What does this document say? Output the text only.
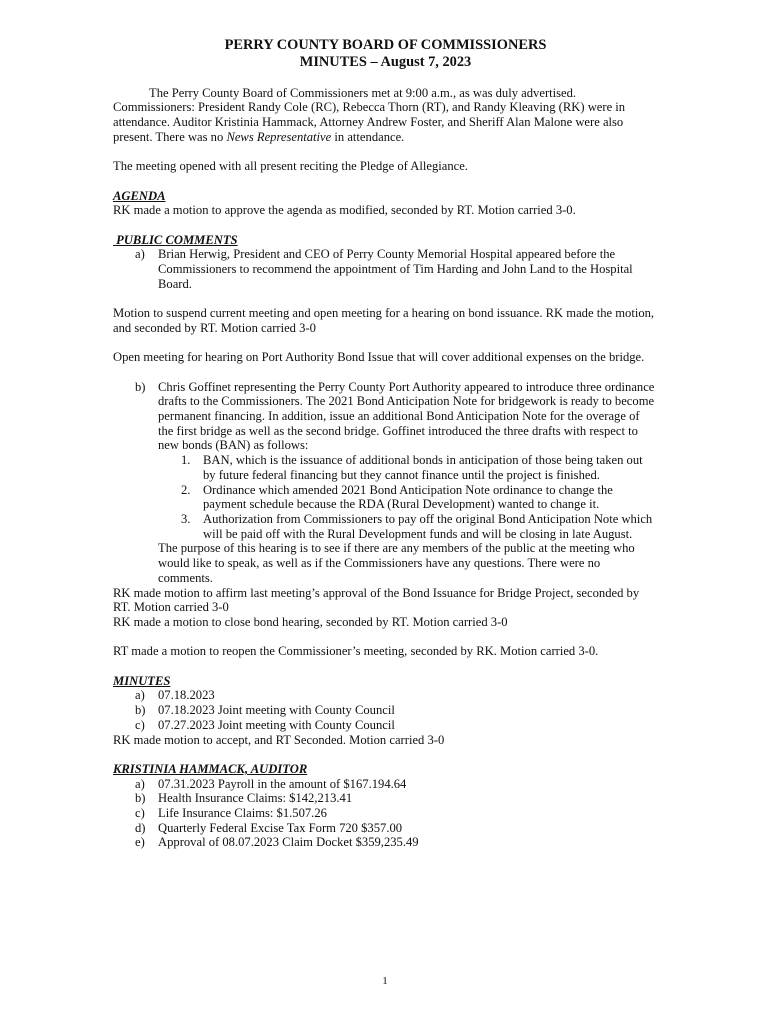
PERRY COUNTY BOARD OF COMMISSIONERS
MINUTES – August 7, 2023

The Perry County Board of Commissioners met at 9:00 a.m., as was duly advertised. Commissioners: President Randy Cole (RC), Rebecca Thorn (RT), and Randy Kleaving (RK) were in attendance. Auditor Kristinia Hammack, Attorney Andrew Foster, and Sheriff Alan Malone were also present. There was no News Representative in attendance.

The meeting opened with all present reciting the Pledge of Allegiance.

AGENDA

RK made a motion to approve the agenda as modified, seconded by RT. Motion carried 3-0.

PUBLIC COMMENTS

a) Brian Herwig, President and CEO of Perry County Memorial Hospital appeared before the Commissioners to recommend the appointment of Tim Harding and John Land to the Hospital Board.

Motion to suspend current meeting and open meeting for a hearing on bond issuance. RK made the motion, and seconded by RT. Motion carried 3-0

Open meeting for hearing on Port Authority Bond Issue that will cover additional expenses on the bridge.

b) Chris Goffinet representing the Perry County Port Authority appeared to introduce three ordinance drafts to the Commissioners. The 2021 Bond Anticipation Note for bridgework is ready to become permanent financing. In addition, issue an additional Bond Anticipation Note for the overage of the first bridge as well as the second bridge. Goffinet introduced the three drafts with respect to new bonds (BAN) as follows:
1. BAN, which is the issuance of additional bonds in anticipation of those being taken out by future federal financing but they cannot finance until the project is finished.
2. Ordinance which amended 2021 Bond Anticipation Note ordinance to change the payment schedule because the RDA (Rural Development) wanted to change it.
3. Authorization from Commissioners to pay off the original Bond Anticipation Note which will be paid off with the Rural Development funds and will be closing in late August.

The purpose of this hearing is to see if there are any members of the public at the meeting who would like to speak, as well as if the Commissioners have any questions. There were no comments.

RK made motion to affirm last meeting’s approval of the Bond Issuance for Bridge Project, seconded by RT. Motion carried 3-0

RK made a motion to close bond hearing, seconded by RT. Motion carried 3-0

RT made a motion to reopen the Commissioner’s meeting, seconded by RK. Motion carried 3-0.

MINUTES

a) 07.18.2023
b) 07.18.2023 Joint meeting with County Council
c) 07.27.2023 Joint meeting with County Council

RK made motion to accept, and RT Seconded. Motion carried 3-0

KRISTINIA HAMMACK, AUDITOR

a) 07.31.2023 Payroll in the amount of $167.194.64
b) Health Insurance Claims: $142,213.41
c) Life Insurance Claims: $1.507.26
d) Quarterly Federal Excise Tax Form 720 $357.00
e) Approval of 08.07.2023 Claim Docket $359,235.49
1
